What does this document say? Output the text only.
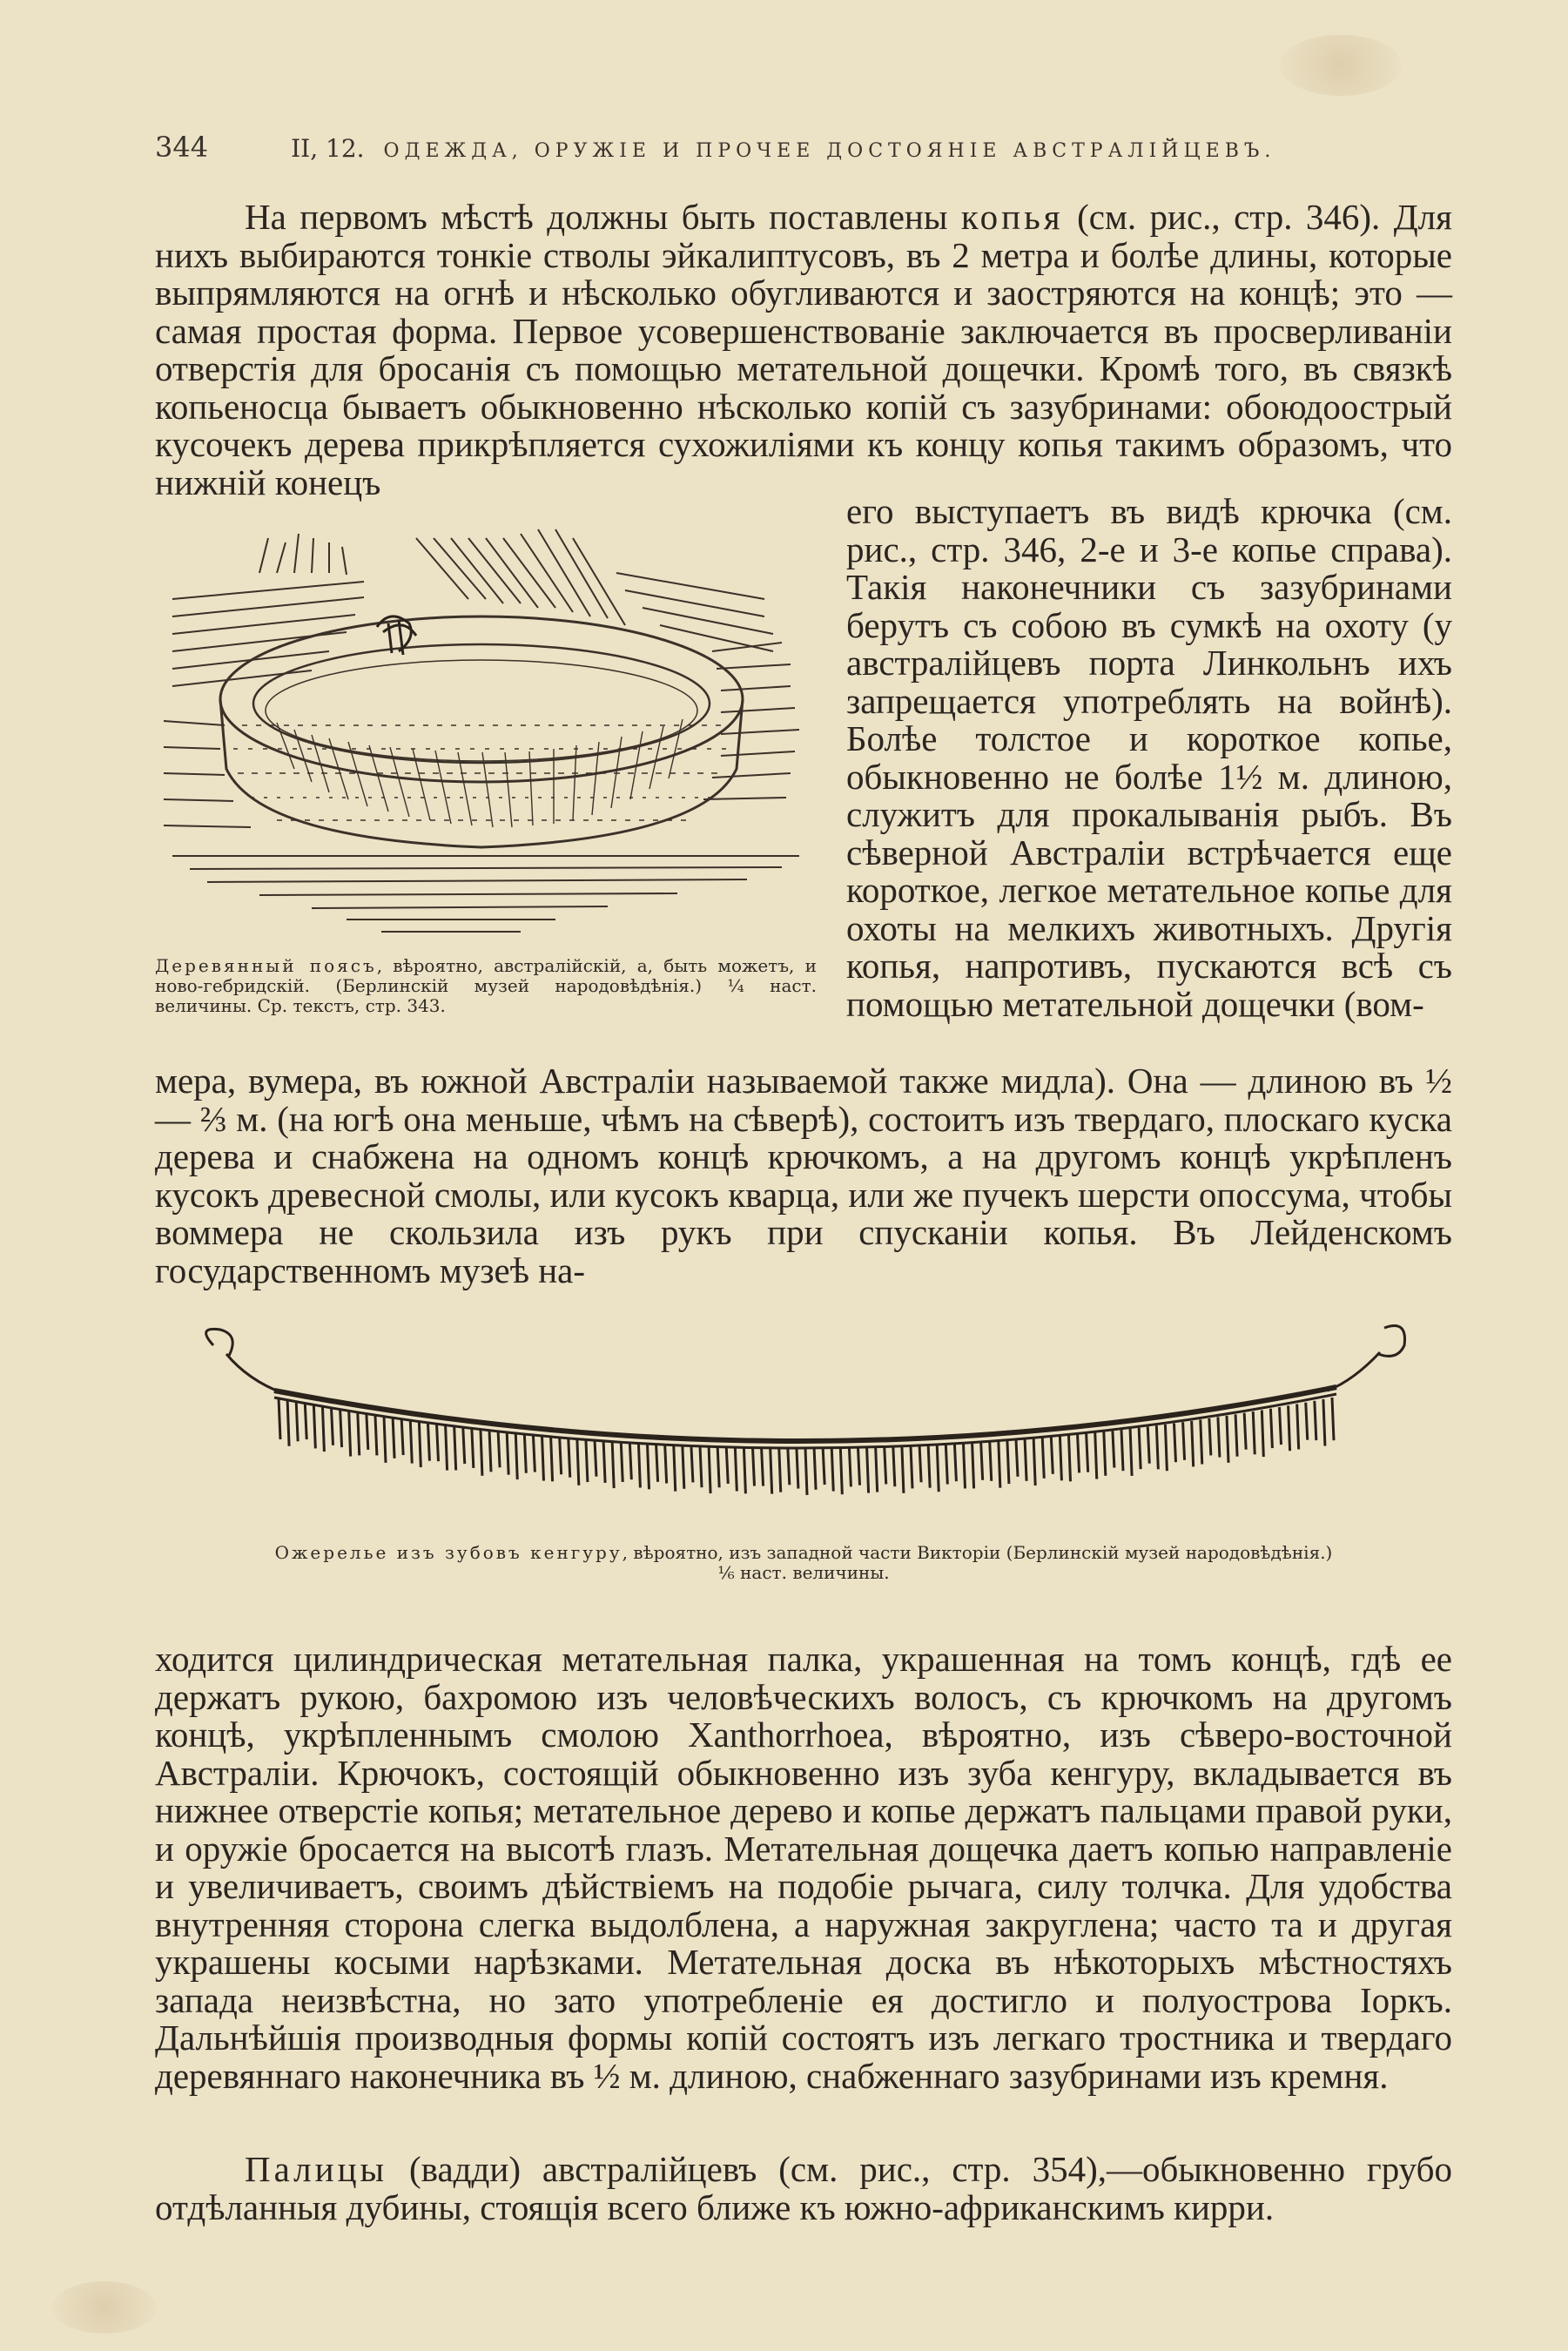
344	II, 12. ОДЕЖДА, ОРУЖІЕ И ПРОЧЕЕ ДОСТОЯНІЕ АВСТРАЛІЙЦЕВЪ.

На первомъ мѣстѣ должны быть поставлены копья (см. рис., стр. 346). Для нихъ выбираются тонкіе стволы эйкалиптусовъ, въ 2 метра и болѣе длины, которые выпрямляются на огнѣ и нѣсколько обугливаются и заостряются на концѣ; это — самая простая форма. Первое усовершенствованіе заключается въ просверливаніи отверстія для бросанія съ помощью метательной дощечки. Кромѣ того, въ связкѣ копьеносца бываетъ обыкновенно нѣсколько копій съ зазубринами: обоюдоострый кусочекъ дерева прикрѣпляется сухожиліями къ концу копья такимъ образомъ, что нижній конецъ

его выступаетъ въ видѣ крючка (см. рис., стр. 346, 2-е и 3-е копье справа). Такія наконечники съ зазубринами берутъ съ собою въ сумкѣ на охоту (у австралійцевъ порта Линкольнъ ихъ запрещается употреблять на войнѣ). Болѣе толстое и короткое копье, обыкновенно не болѣе 1½ м. длиною, служитъ для прокалыванія рыбъ. Въ сѣверной Австраліи встрѣчается еще короткое, легкое метательное копье для охоты на мелкихъ животныхъ. Другія копья, напротивъ, пускаются всѣ съ помощью метательной дощечки (вом-

Деревянный поясъ, вѣроятно, австралійскій, а, быть можетъ, и ново-гебридскій. (Берлинскій музей народовѣдѣнія.) ¼ наст. величины. Ср. текстъ, стр. 343.

мера, вумера, въ южной Австраліи называемой также мидла). Она — длиною въ ½ — ⅔ м. (на югѣ она меньше, чѣмъ на сѣверѣ), состоитъ изъ твердаго, плоскаго куска дерева и снабжена на одномъ концѣ крючкомъ, а на другомъ концѣ укрѣпленъ кусокъ древесной смолы, или кусокъ кварца, или же пучекъ шерсти опоссума, чтобы воммера не скользила изъ рукъ при спусканіи копья. Въ Лейденскомъ государственномъ музеѣ на-

Ожерелье изъ зубовъ кенгуру, вѣроятно, изъ западной части Викторіи (Берлинскій музей народовѣдѣнія.)
⅙ наст. величины.

ходится цилиндрическая метательная палка, украшенная на томъ концѣ, гдѣ ее держатъ рукою, бахромою изъ человѣческихъ волосъ, съ крючкомъ на другомъ концѣ, укрѣпленнымъ смолою Xanthorrhoea, вѣроятно, изъ сѣверо-восточной Австраліи. Крючокъ, состоящій обыкновенно изъ зуба кенгуру, вкладывается въ нижнее отверстіе копья; метательное дерево и копье держатъ пальцами правой руки, и оружіе бросается на высотѣ глазъ. Метательная дощечка даетъ копью направленіе и увеличиваетъ, своимъ дѣйствіемъ на подобіе рычага, силу толчка. Для удобства внутренняя сторона слегка выдолблена, а наружная закруглена; часто та и другая украшены косыми нарѣзками. Метательная доска въ нѣкоторыхъ мѣстностяхъ запада неизвѣстна, но зато употребленіе ея достигло и полуострова Іоркъ. Дальнѣйшія производныя формы копій состоятъ изъ легкаго тростника и твердаго деревяннаго наконечника въ ½ м. длиною, снабженнаго зазубринами изъ кремня.

Палицы (вадди) австралійцевъ (см. рис., стр. 354),—обыкновенно грубо отдѣланныя дубины, стоящія всего ближе къ южно-африканскимъ кирри.
